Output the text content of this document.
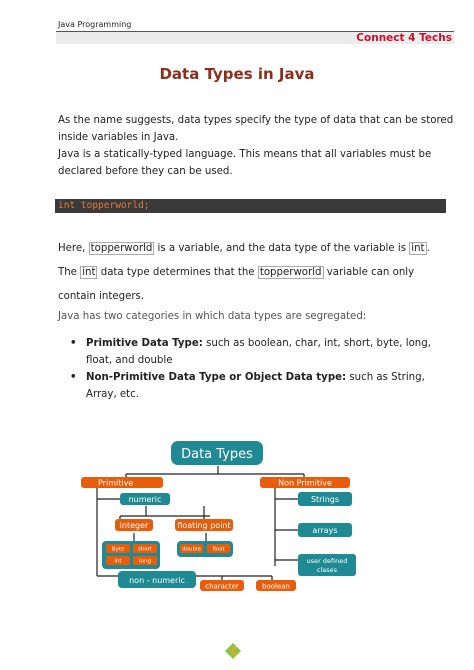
Java Programming
Connect 4 Techs
Data Types in Java
As the name suggests, data types specify the type of data that can be stored
inside variables in Java.
Java is a statically-typed language. This means that all variables must be
declared before they can be used.
int topperworld;
Here, topperworld is a variable, and the data type of the variable is int .
The int data type determines that the topperworld variable can only
contain integers.
Java has two categories in which data types are segregated:
• Primitive Data Type: such as boolean, char, int, short, byte, long, float, and double
• Non-Primitive Data Type or Object Data type: such as String, Array, etc.
Data Types
Primitive	Non Primitive
numeric
integer	floating point
Byte short
int	long
double float
non - numeric
character	boolean
Strings
arrays
user defined
clases
